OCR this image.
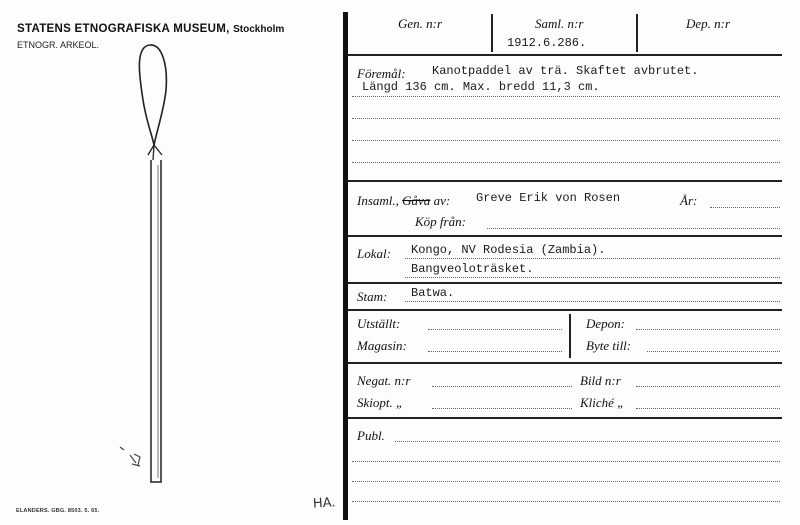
STATENS ETNOGRAFISKA MUSEUM, Stockholm
ETNOGR. ARKEOL.
ELANDERS. GBG. 8503. 5. 65.	HA.
Gen. n:r	Saml. n:r	Dep. n:r
1912.6.286.
Föremål: Kanotpaddel av trä. Skaftet avbrutet.
Längd 136 cm. Max. bredd 11,3 cm.
Insaml., Gåva av: Greve Erik von Rosen	År:
Köp från:
Lokal: Kongo, NV Rodesia (Zambia).
Bangveoloträsket.
Stam: Batwa.
Utställt:
Magasin:
Depon:
Byte till:
Negat. n:r	Bild n:r
Skiopt. „	Kliché „
Publ.
